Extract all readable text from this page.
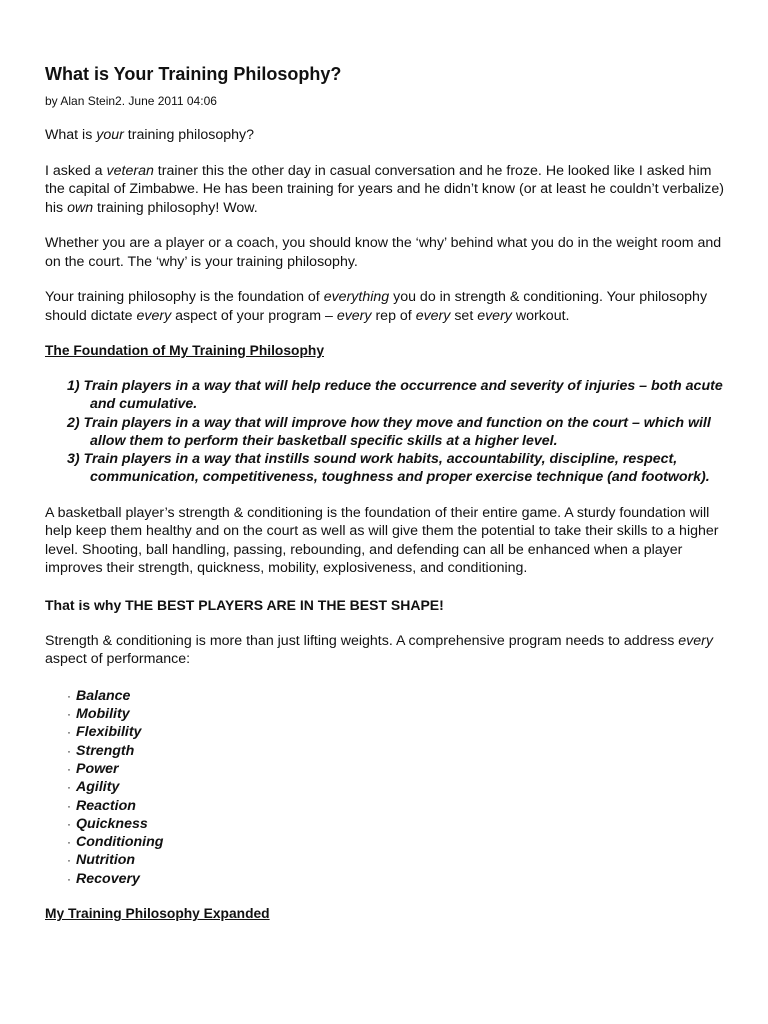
What is Your Training Philosophy?
by Alan Stein2. June 2011 04:06

What is your training philosophy?

I asked a veteran trainer this the other day in casual conversation and he froze. He looked like I asked him the capital of Zimbabwe. He has been training for years and he didn’t know (or at least he couldn’t verbalize) his own training philosophy! Wow.

Whether you are a player or a coach, you should know the ‘why’ behind what you do in the weight room and on the court. The ‘why’ is your training philosophy.

Your training philosophy is the foundation of everything you do in strength & conditioning. Your philosophy should dictate every aspect of your program – every rep of every set every workout.

The Foundation of My Training Philosophy
1) Train players in a way that will help reduce the occurrence and severity of injuries – both acute and cumulative.
2) Train players in a way that will improve how they move and function on the court – which will allow them to perform their basketball specific skills at a higher level.
3) Train players in a way that instills sound work habits, accountability, discipline, respect, communication, competitiveness, toughness and proper exercise technique (and footwork).

A basketball player’s strength & conditioning is the foundation of their entire game. A sturdy foundation will help keep them healthy and on the court as well as will give them the potential to take their skills to a higher level. Shooting, ball handling, passing, rebounding, and defending can all be enhanced when a player improves their strength, quickness, mobility, explosiveness, and conditioning.

That is why THE BEST PLAYERS ARE IN THE BEST SHAPE!

Strength & conditioning is more than just lifting weights. A comprehensive program needs to address every aspect of performance:

· Balance
· Mobility
· Flexibility
· Strength
· Power
· Agility
· Reaction
· Quickness
· Conditioning
· Nutrition
· Recovery
My Training Philosophy Expanded
